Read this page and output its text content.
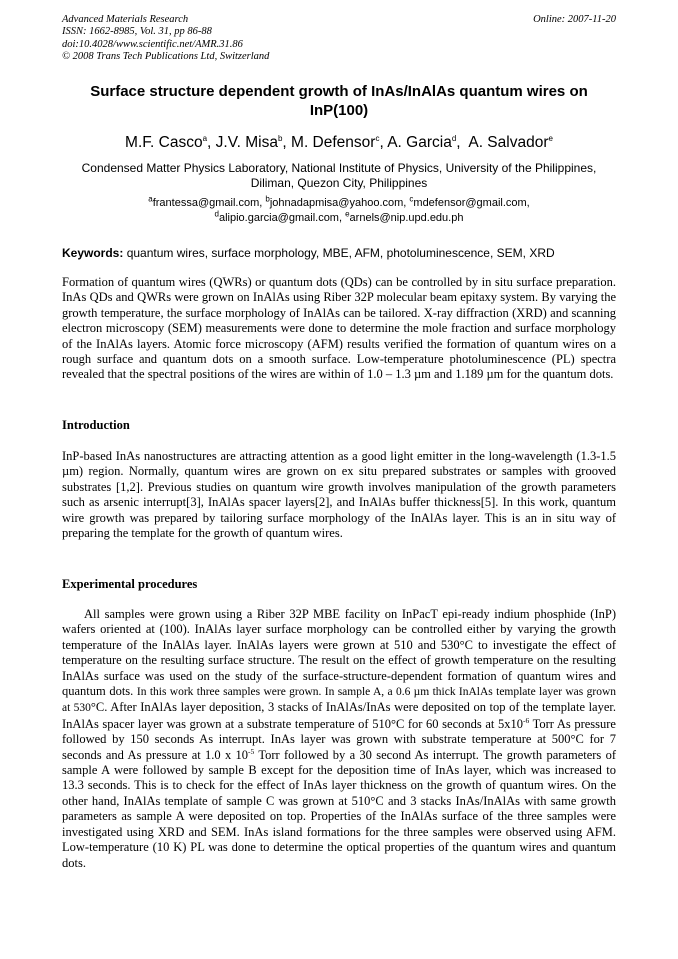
Advanced Materials Research
ISSN: 1662-8985, Vol. 31, pp 86-88
doi:10.4028/www.scientific.net/AMR.31.86
© 2008 Trans Tech Publications Ltd, Switzerland
Online: 2007-11-20
Surface structure dependent growth of InAs/InAlAs quantum wires on InP(100)
M.F. Casco$^a$, J.V. Misa$^b$, M. Defensor$^c$, A. Garcia$^d$,  A. Salvador$^e$
Condensed Matter Physics Laboratory, National Institute of Physics, University of the Philippines, Diliman, Quezon City, Philippines
$^a$frantessa@gmail.com, $^b$johnadapmisa@yahoo.com, $^c$mdefensor@gmail.com,
$^d$alipio.garcia@gmail.com, $^e$arnels@nip.upd.edu.ph
Keywords: quantum wires, surface morphology, MBE, AFM, photoluminescence, SEM, XRD
Formation of quantum wires (QWRs) or quantum dots (QDs) can be controlled by in situ surface preparation. InAs QDs and QWRs were grown on InAlAs using Riber 32P molecular beam epitaxy system. By varying the growth temperature, the surface morphology of InAlAs can be tailored. X-ray diffraction (XRD) and scanning electron microscopy (SEM) measurements were done to determine the mole fraction and surface morphology of the InAlAs layers. Atomic force microscopy (AFM) results verified the formation of quantum wires on a rough surface and quantum dots on a smooth surface. Low-temperature photoluminescence (PL) spectra revealed that the spectral positions of the wires are within of 1.0 – 1.3 µm and 1.189 µm for the quantum dots.
Introduction
InP-based InAs nanostructures are attracting attention as a good light emitter in the long-wavelength (1.3-1.5 µm) region. Normally, quantum wires are grown on ex situ prepared substrates or samples with grooved substrates [1,2]. Previous studies on quantum wire growth involves manipulation of the growth parameters such as arsenic interrupt[3], InAlAs spacer layers[2], and InAlAs buffer thickness[5]. In this work, quantum wire growth was prepared by tailoring surface morphology of the InAlAs layer. This is an in situ way of preparing the template for the growth of quantum wires.
Experimental procedures
All samples were grown using a Riber 32P MBE facility on InPacT epi-ready indium phosphide (InP) wafers oriented at (100). InAlAs layer surface morphology can be controlled either by varying the growth temperature of the InAlAs layer. InAlAs layers were grown at 510 and 530°C to investigate the effect of temperature on the resulting surface structure. The result on the effect of growth temperature on the resulting InAlAs surface was used on the study of the surface-structure-dependent formation of quantum wires and quantum dots. In this work three samples were grown. In sample A, a 0.6 µm thick InAlAs template layer was grown at 530°C. After InAlAs layer deposition, 3 stacks of InAlAs/InAs were deposited on top of the template layer. InAlAs spacer layer was grown at a substrate temperature of 510°C for 60 seconds at $5x10^{-6}$ Torr As pressure followed by 150 seconds As interrupt. InAs layer was grown with substrate temperature at 500°C for 7 seconds and As pressure at 1.0 x $10^{-5}$ Torr followed by a 30 second As interrupt. The growth parameters of sample A were followed by sample B except for the deposition time of InAs layer, which was increased to 13.3 seconds. This is to check for the effect of InAs layer thickness on the growth of quantum wires. On the other hand, InAlAs template of sample C was grown at 510°C and 3 stacks InAs/InAlAs with same growth parameters as sample A were deposited on top. Properties of the InAlAs surface of the three samples were investigated using XRD and SEM. InAs island formations for the three samples were observed using AFM. Low-temperature (10 K) PL was done to determine the optical properties of the quantum wires and quantum dots.
